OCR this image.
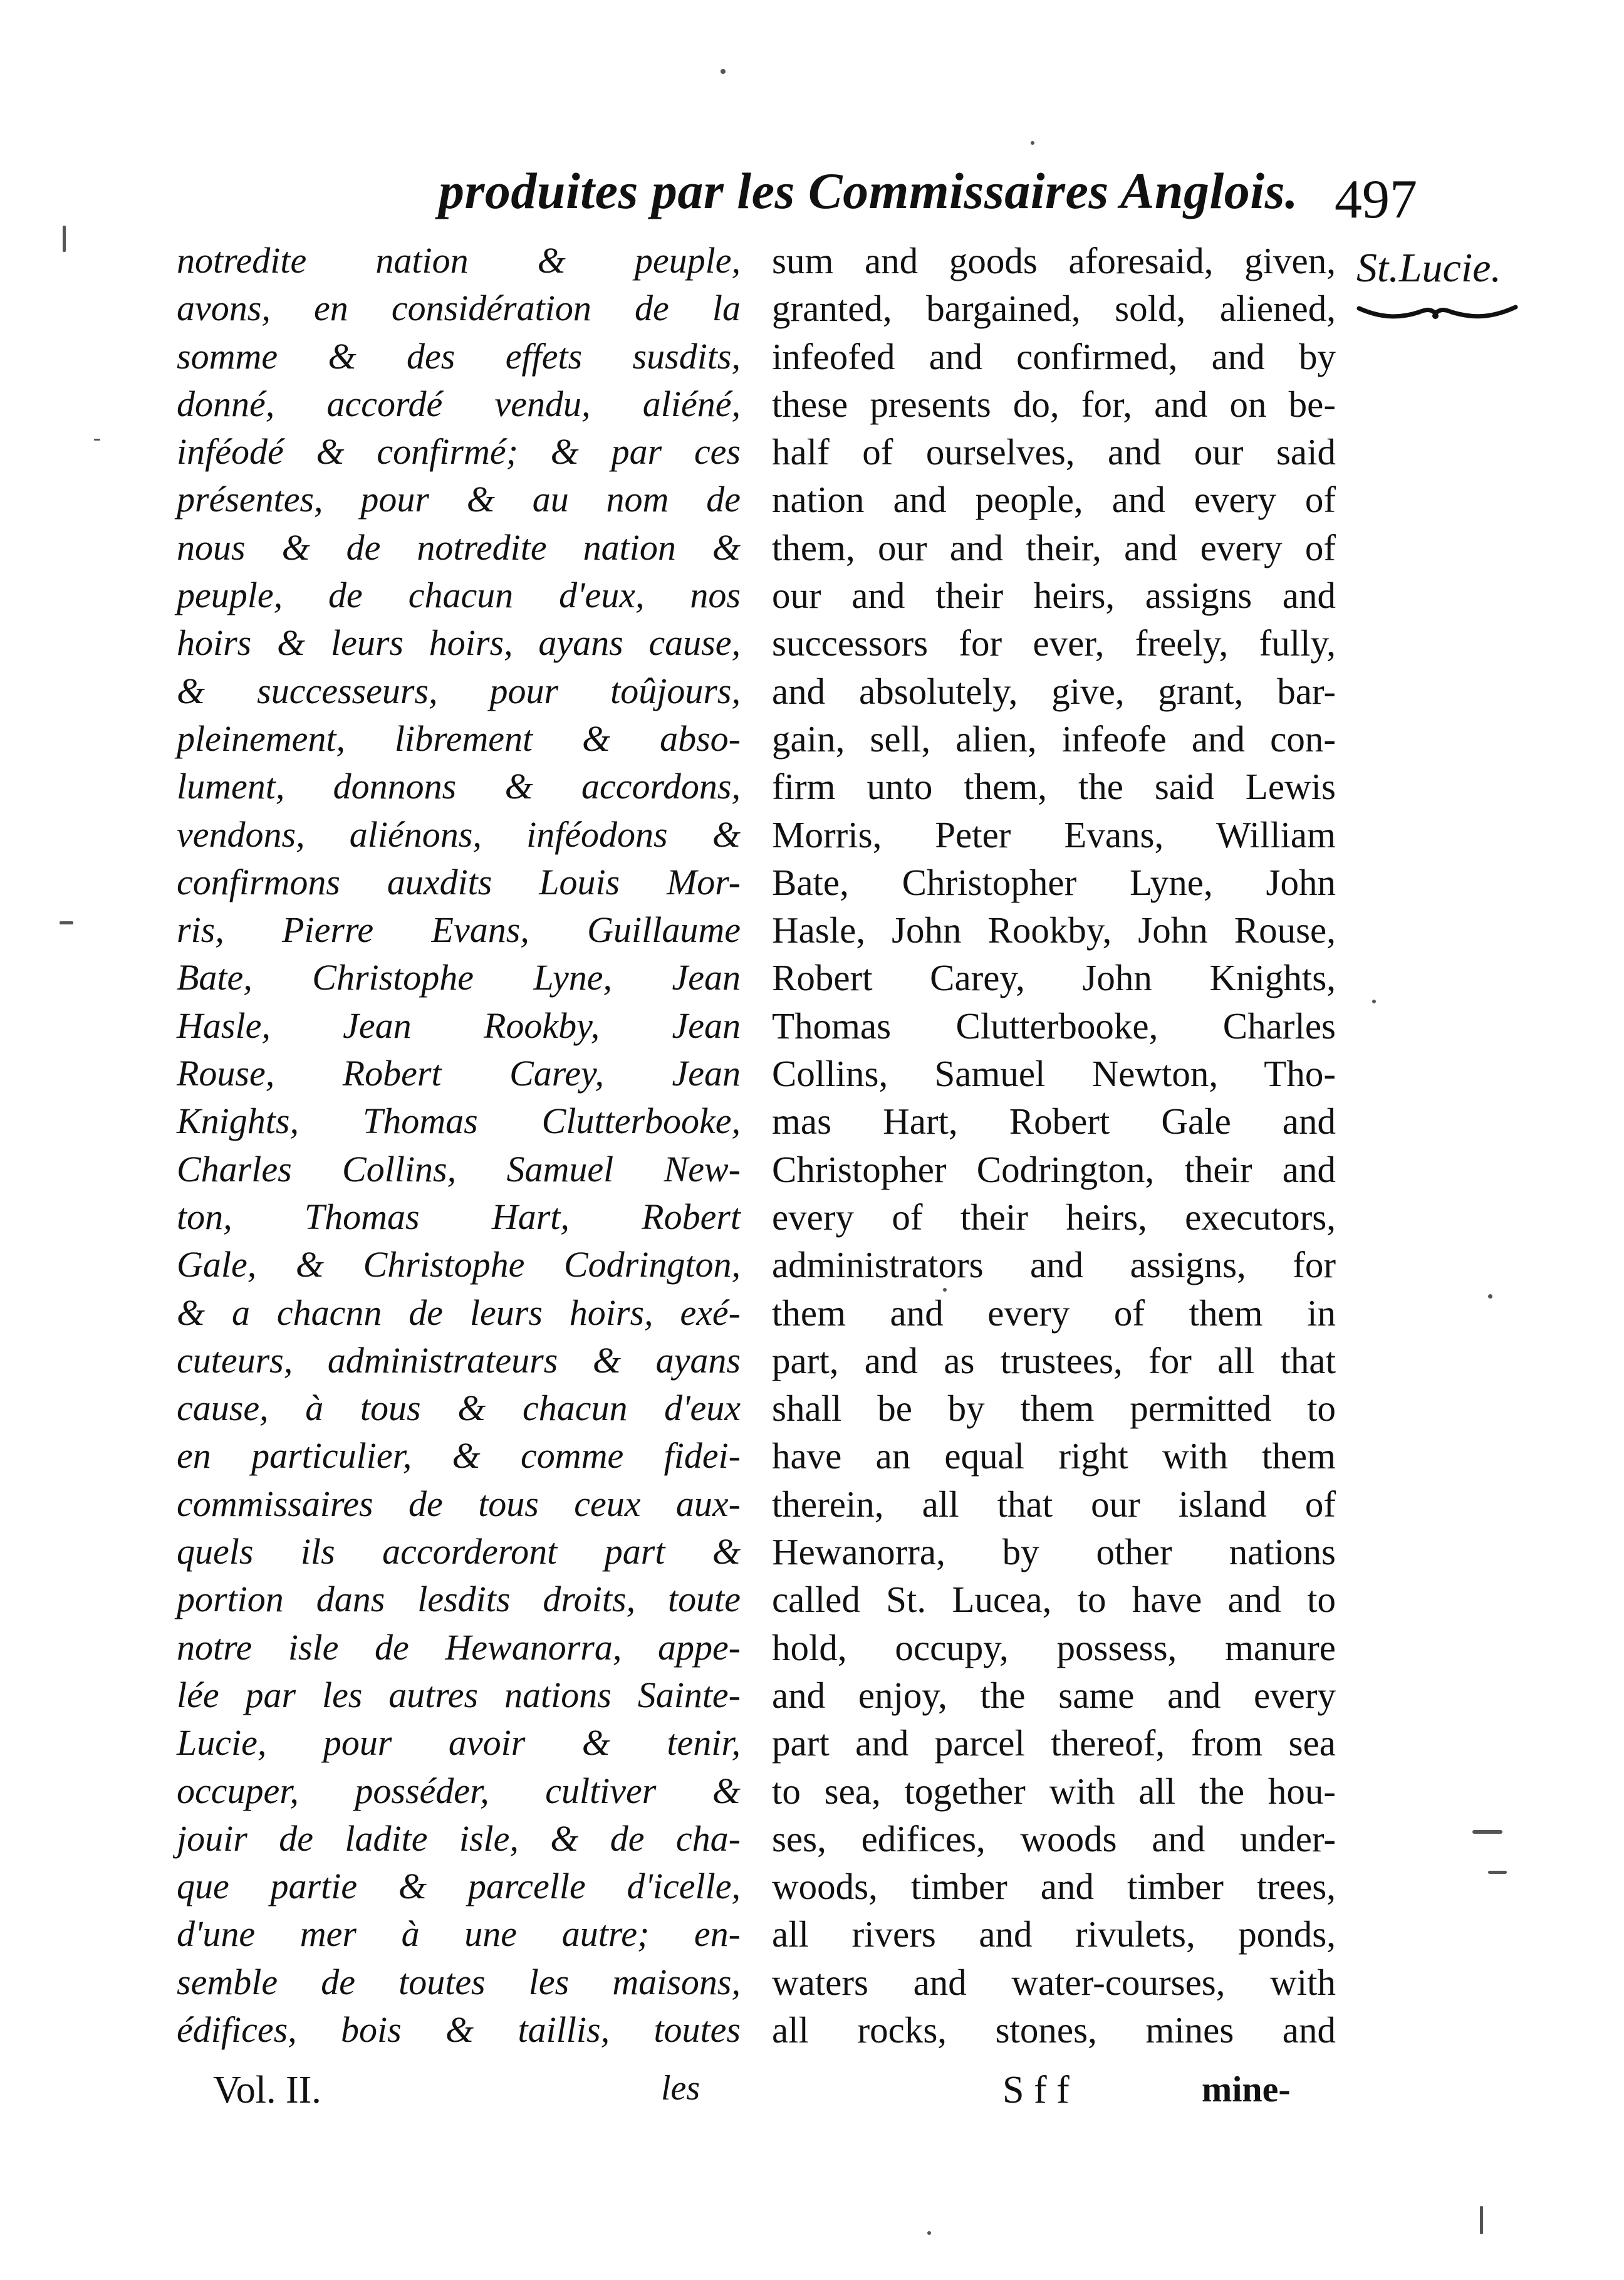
produites par les Commissaires Anglois. 497
St.Lucie.
notredite nation & peuple,
avons, en considération de la
somme & des effets susdits,
donné, accordé vendu, aliéné,
inféodé & confirmé; & par ces
présentes, pour & au nom de
nous & de notredite nation &
peuple, de chacun d'eux, nos
hoirs & leurs hoirs, ayans cause,
& successeurs, pour toûjours,
pleinement, librement & abso-
lument, donnons & accordons,
vendons, aliénons, inféodons &
confirmons auxdits Louis Mor-
ris, Pierre Evans, Guillaume
Bate, Christophe Lyne, Jean
Hasle, Jean Rookby, Jean
Rouse, Robert Carey, Jean
Knights, Thomas Clutterbooke,
Charles Collins, Samuel New-
ton, Thomas Hart, Robert
Gale, & Christophe Codrington,
& a chacnn de leurs hoirs, exé-
cuteurs, administrateurs & ayans
cause, à tous & chacun d'eux
en particulier, & comme fidei-
commissaires de tous ceux aux-
quels ils accorderont part &
portion dans lesdits droits, toute
notre isle de Hewanorra, appe-
lée par les autres nations Sainte-
Lucie, pour avoir & tenir,
occuper, posséder, cultiver &
jouir de ladite isle, & de cha-
que partie & parcelle d'icelle,
d'une mer à une autre; en-
semble de toutes les maisons,
édifices, bois & taillis, toutes
sum and goods aforesaid, given,
granted, bargained, sold, aliened,
infeofed and confirmed, and by
these presents do, for, and on be-
half of ourselves, and our said
nation and people, and every of
them, our and their, and every of
our and their heirs, assigns and
successors for ever, freely, fully,
and absolutely, give, grant, bar-
gain, sell, alien, infeofe and con-
firm unto them, the said Lewis
Morris, Peter Evans, William
Bate, Christopher Lyne, John
Hasle, John Rookby, John Rouse,
Robert Carey, John Knights,
Thomas Clutterbooke, Charles
Collins, Samuel Newton, Tho-
mas Hart, Robert Gale and
Christopher Codrington, their and
every of their heirs, executors,
administrators and assigns, for
them and every of them in
part, and as trustees, for all that
shall be by them permitted to
have an equal right with them
therein, all that our island of
Hewanorra, by other nations
called St. Lucea, to have and to
hold, occupy, possess, manure
and enjoy, the same and every
part and parcel thereof, from sea
to sea, together with all the hou-
ses, edifices, woods and under-
woods, timber and timber trees,
all rivers and rivulets, ponds,
waters and water-courses, with
all rocks, stones, mines and
Vol. II.	les	S f f	mine-
